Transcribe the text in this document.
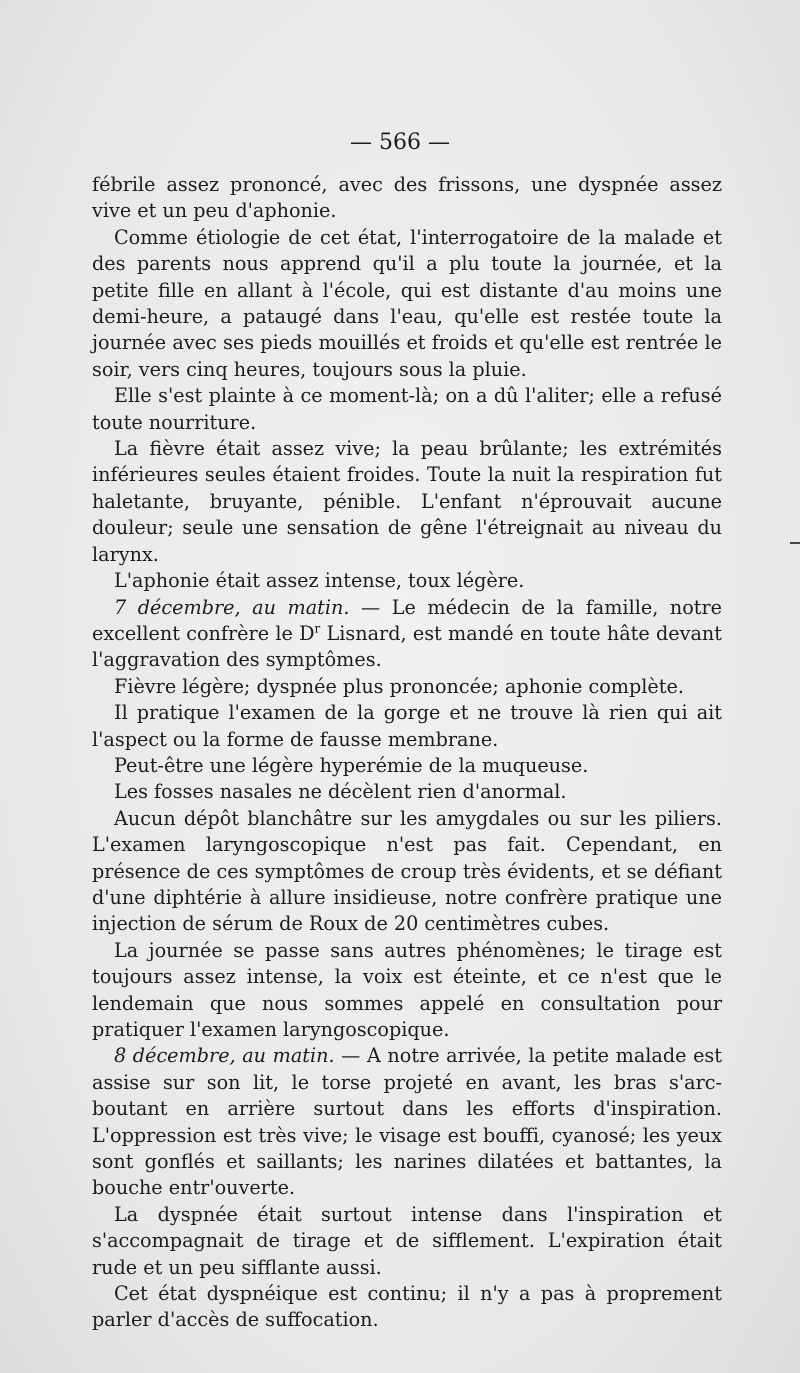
— 566 —

fébrile assez prononcé, avec des frissons, une dyspnée assez vive et un peu d'aphonie.

Comme étiologie de cet état, l'interrogatoire de la malade et des parents nous apprend qu'il a plu toute la journée, et la petite fille en allant à l'école, qui est distante d'au moins une demi-heure, a pataugé dans l'eau, qu'elle est restée toute la journée avec ses pieds mouillés et froids et qu'elle est rentrée le soir, vers cinq heures, toujours sous la pluie.

Elle s'est plainte à ce moment-là; on a dû l'aliter; elle a refusé toute nourriture.

La fièvre était assez vive; la peau brûlante; les extrémités inférieures seules étaient froides. Toute la nuit la respiration fut haletante, bruyante, pénible. L'enfant n'éprouvait aucune douleur; seule une sensation de gêne l'étreignait au niveau du larynx.

L'aphonie était assez intense, toux légère.

7 décembre, au matin. — Le médecin de la famille, notre excellent confrère le $D^r$ Lisnard, est mandé en toute hâte devant l'aggravation des symptômes.

Fièvre légère; dyspnée plus prononcée; aphonie complète.

Il pratique l'examen de la gorge et ne trouve là rien qui ait l'aspect ou la forme de fausse membrane.

Peut-être une légère hyperémie de la muqueuse.

Les fosses nasales ne décèlent rien d'anormal.

Aucun dépôt blanchâtre sur les amygdales ou sur les piliers. L'examen laryngoscopique n'est pas fait. Cependant, en présence de ces symptômes de croup très évidents, et se défiant d'une diphtérie à allure insidieuse, notre confrère pratique une injection de sérum de Roux de 20 centimètres cubes.

La journée se passe sans autres phénomènes; le tirage est toujours assez intense, la voix est éteinte, et ce n'est que le lendemain que nous sommes appelé en consultation pour pratiquer l'examen laryngoscopique.

8 décembre, au matin. — A notre arrivée, la petite malade est assise sur son lit, le torse projeté en avant, les bras s'arc-boutant en arrière surtout dans les efforts d'inspiration. L'oppression est très vive; le visage est bouffi, cyanosé; les yeux sont gonflés et saillants; les narines dilatées et battantes, la bouche entr'ouverte.

La dyspnée était surtout intense dans l'inspiration et s'accompagnait de tirage et de sifflement. L'expiration était rude et un peu sifflante aussi.

Cet état dyspnéique est continu; il n'y a pas à proprement parler d'accès de suffocation.
